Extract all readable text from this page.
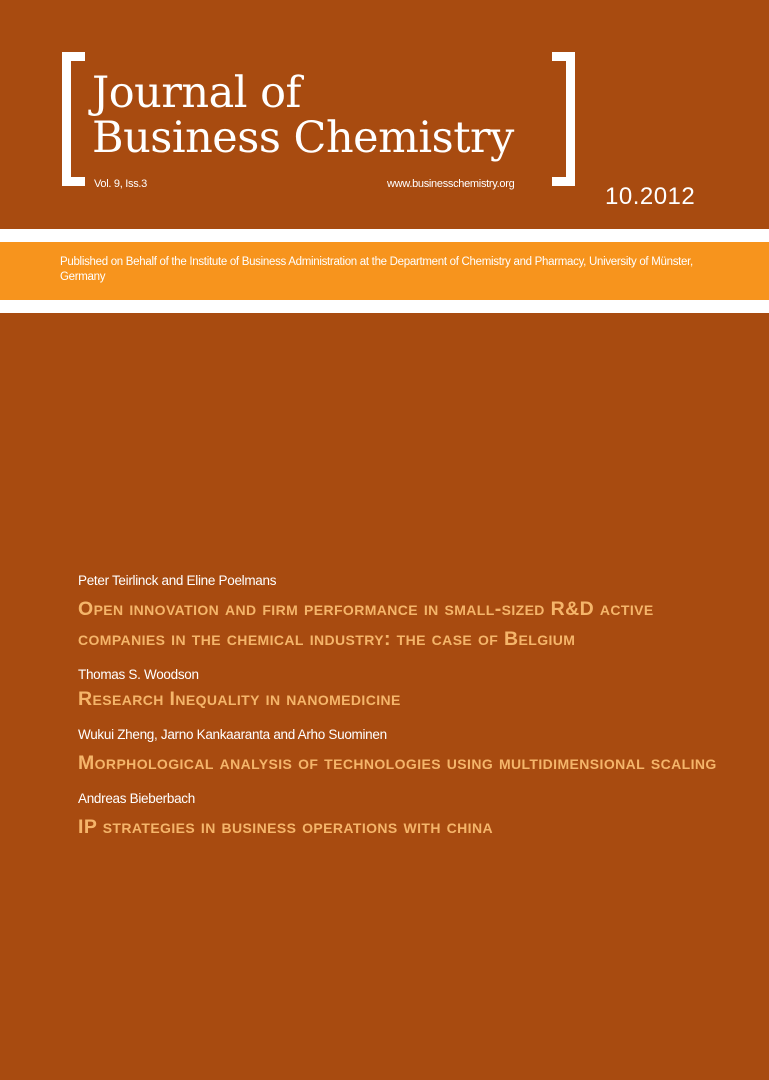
Journal of
Business Chemistry
Vol. 9, Iss.3	www.businesschemistry.org	10.2012

Published on Behalf of the Institute of Business Administration at the Department of Chemistry and Pharmacy, University of Münster, Germany

Peter Teirlinck and Eline Poelmans

Open innovation and firm performance in small-sized R&D active companies in the chemical industry: the case of Belgium

Thomas S. Woodson

Research Inequality in nanomedicine

Wukui Zheng, Jarno Kankaaranta and Arho Suominen

Morphological analysis of technologies using multidimensional scaling

Andreas Bieberbach

IP strategies in business operations with china
